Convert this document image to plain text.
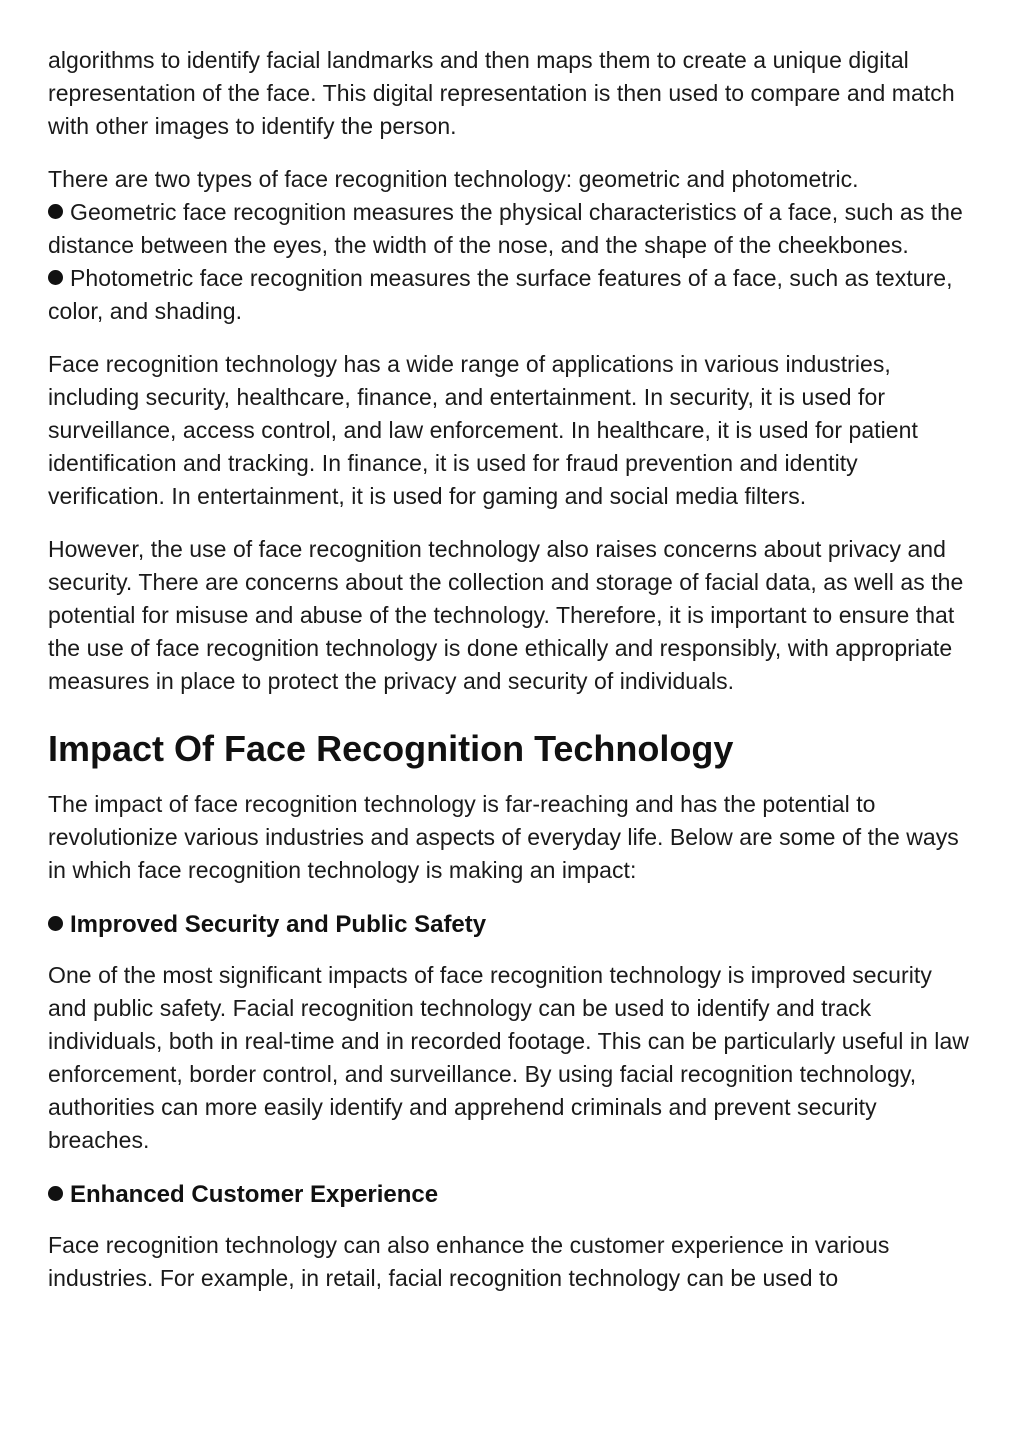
algorithms to identify facial landmarks and then maps them to create a unique digital representation of the face. This digital representation is then used to compare and match with other images to identify the person.

There are two types of face recognition technology: geometric and photometric.
Geometric face recognition measures the physical characteristics of a face, such as the distance between the eyes, the width of the nose, and the shape of the cheekbones.
Photometric face recognition measures the surface features of a face, such as texture, color, and shading.

Face recognition technology has a wide range of applications in various industries, including security, healthcare, finance, and entertainment. In security, it is used for surveillance, access control, and law enforcement. In healthcare, it is used for patient identification and tracking. In finance, it is used for fraud prevention and identity verification. In entertainment, it is used for gaming and social media filters.

However, the use of face recognition technology also raises concerns about privacy and security. There are concerns about the collection and storage of facial data, as well as the potential for misuse and abuse of the technology. Therefore, it is important to ensure that the use of face recognition technology is done ethically and responsibly, with appropriate measures in place to protect the privacy and security of individuals.

Impact Of Face Recognition Technology

The impact of face recognition technology is far-reaching and has the potential to revolutionize various industries and aspects of everyday life. Below are some of the ways in which face recognition technology is making an impact:

Improved Security and Public Safety

One of the most significant impacts of face recognition technology is improved security and public safety. Facial recognition technology can be used to identify and track individuals, both in real-time and in recorded footage. This can be particularly useful in law enforcement, border control, and surveillance. By using facial recognition technology, authorities can more easily identify and apprehend criminals and prevent security breaches.

Enhanced Customer Experience

Face recognition technology can also enhance the customer experience in various industries. For example, in retail, facial recognition technology can be used to
